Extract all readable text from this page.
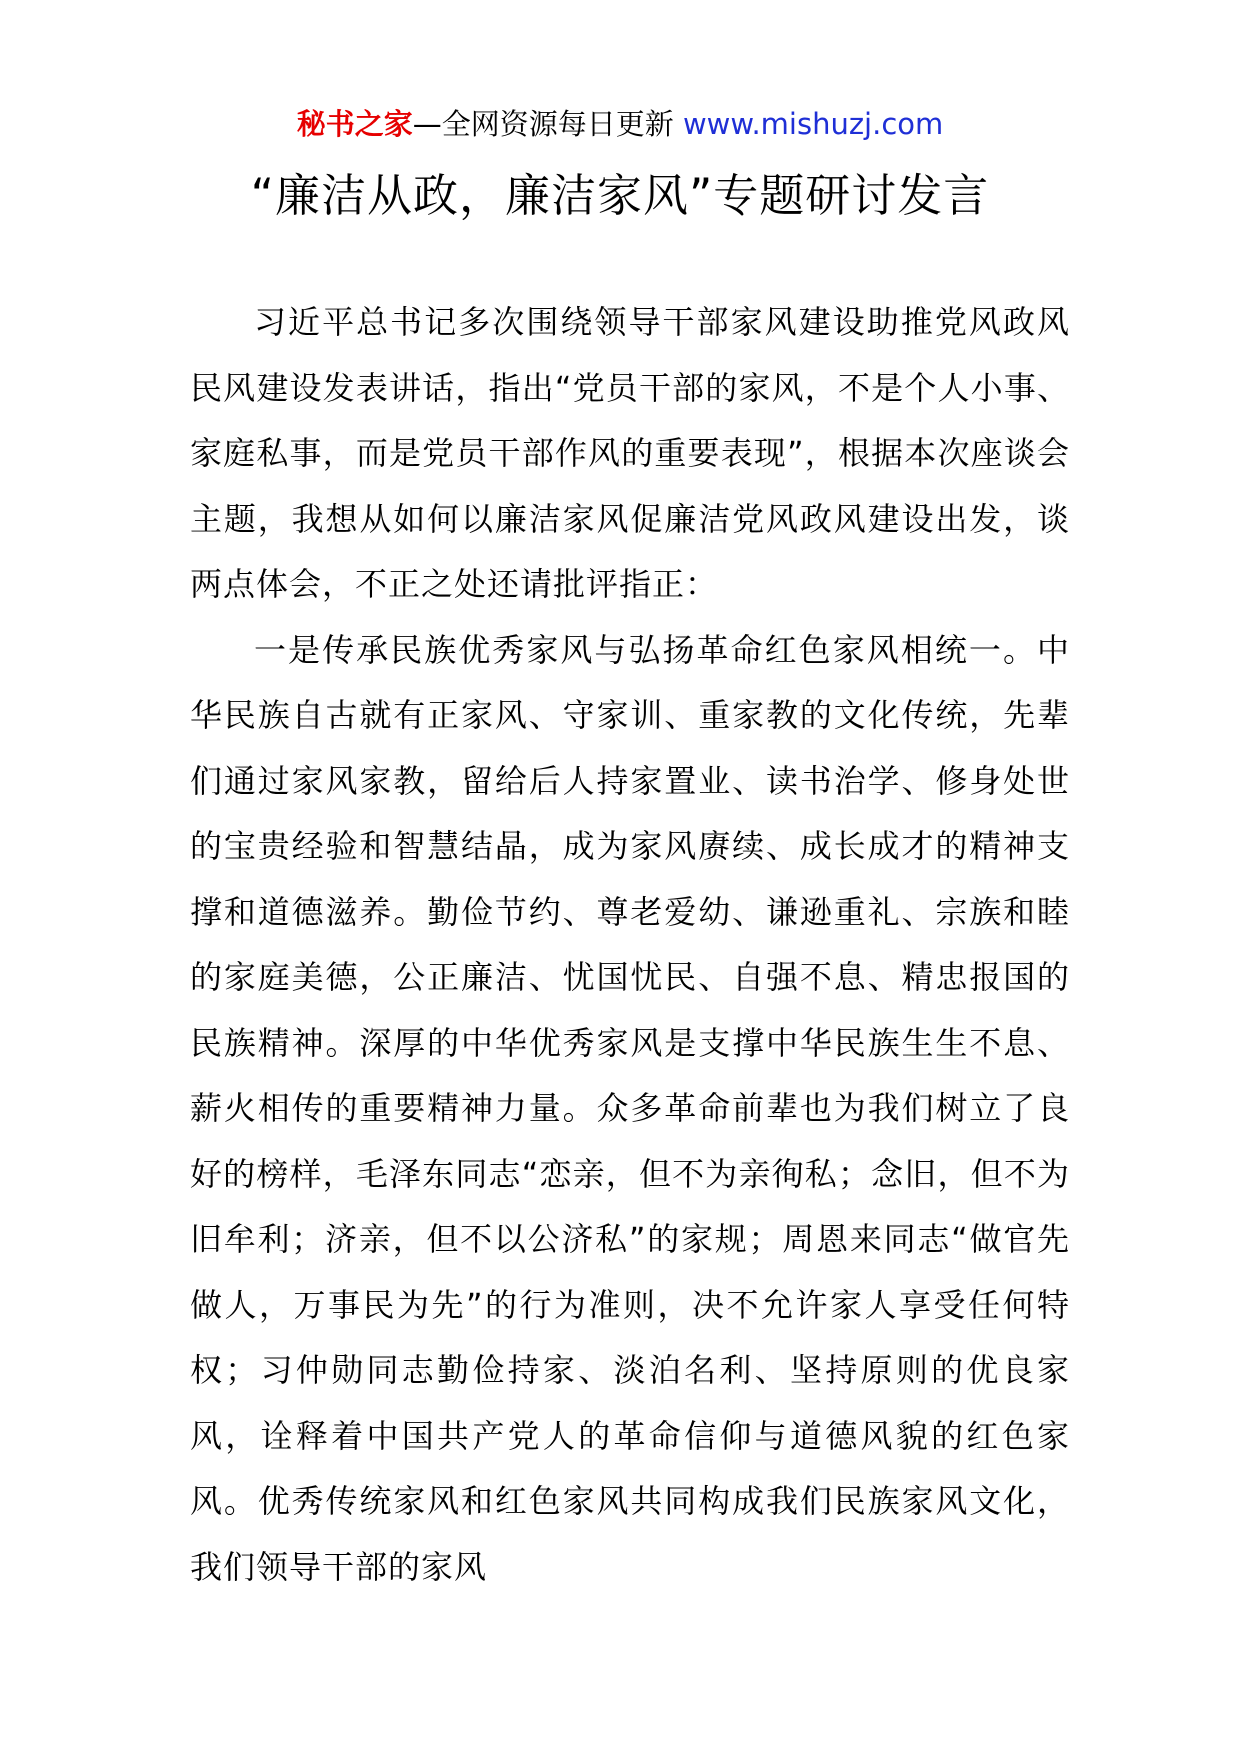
秘书之家—全网资源每日更新 www.mishuzj.com
“廉洁从政，廉洁家风”专题研讨发言

习近平总书记多次围绕领导干部家风建设助推党风政风民风建设发表讲话，指出“党员干部的家风，不是个人小事、家庭私事，而是党员干部作风的重要表现”，根据本次座谈会主题，我想从如何以廉洁家风促廉洁党风政风建设出发，谈两点体会，不正之处还请批评指正：

一是传承民族优秀家风与弘扬革命红色家风相统一。中华民族自古就有正家风、守家训、重家教的文化传统，先辈们通过家风家教，留给后人持家置业、读书治学、修身处世的宝贵经验和智慧结晶，成为家风赓续、成长成才的精神支撑和道德滋养。勤俭节约、尊老爱幼、谦逊重礼、宗族和睦的家庭美德，公正廉洁、忧国忧民、自强不息、精忠报国的民族精神。深厚的中华优秀家风是支撑中华民族生生不息、薪火相传的重要精神力量。众多革命前辈也为我们树立了良好的榜样，毛泽东同志“恋亲，但不为亲徇私；念旧，但不为旧牟利；济亲，但不以公济私”的家规；周恩来同志“做官先做人，万事民为先”的行为准则，决不允许家人享受任何特权；习仲勋同志勤俭持家、淡泊名利、坚持原则的优良家风，诠释着中国共产党人的革命信仰与道德风貌的红色家风。优秀传统家风和红色家风共同构成我们民族家风文化，我们领导干部的家风
